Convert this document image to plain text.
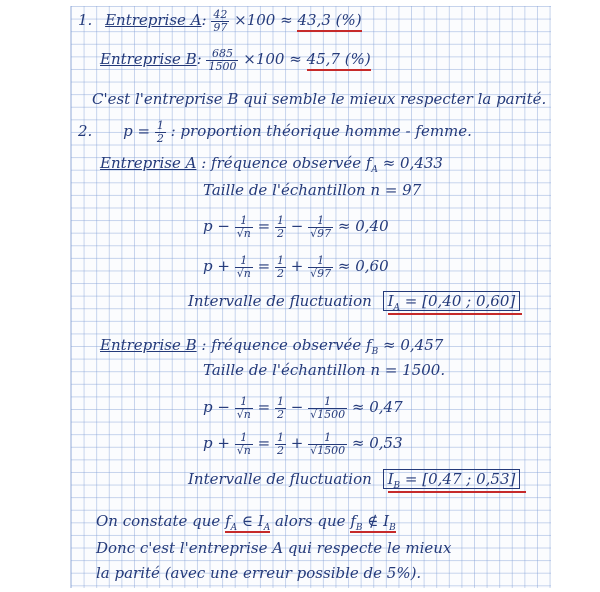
1. Entreprise A: $\frac{42}{97} \times 100 \approx 43,3$ (%)
Entreprise B: $\frac{685}{1500} \times 100 \approx 45,7$ (%)
C'est l'entreprise B qui semble le mieux respecter la parité.
2. $p = \frac{1}{2}$ : proportion théorique homme - femme.
Entreprise A : fréquence observée $f_A \approx 0,433$
Taille de l'échantillon n = 97
$p - \frac{1}{√n} = \frac{1}{2} - \frac{1}{√97} \approx 0,40$
$p + \frac{1}{√n} = \frac{1}{2} + \frac{1}{√97} \approx 0,60$
Intervalle de fluctuation $I_A = [0,40$ ; 0,60]
Entreprise B : fréquence observée $f_B \approx 0,457$
Taille de l'échantillon n = 1500.
$p - \frac{1}{√n} = \frac{1}{2} - \frac{1}{√1500} \approx 0,47$
$p + \frac{1}{√n} = \frac{1}{2} + \frac{1}{√1500} \approx 0,53$
Intervalle de fluctuation $I_B = [0,47$ ; 0,53]
On constate que $f_A$ ∈ $I_A$ alors que $f_B$ ∉ $I_B$
Donc c'est l'entreprise A qui respecte le mieux
la parité (avec une erreur possible de 5%).
